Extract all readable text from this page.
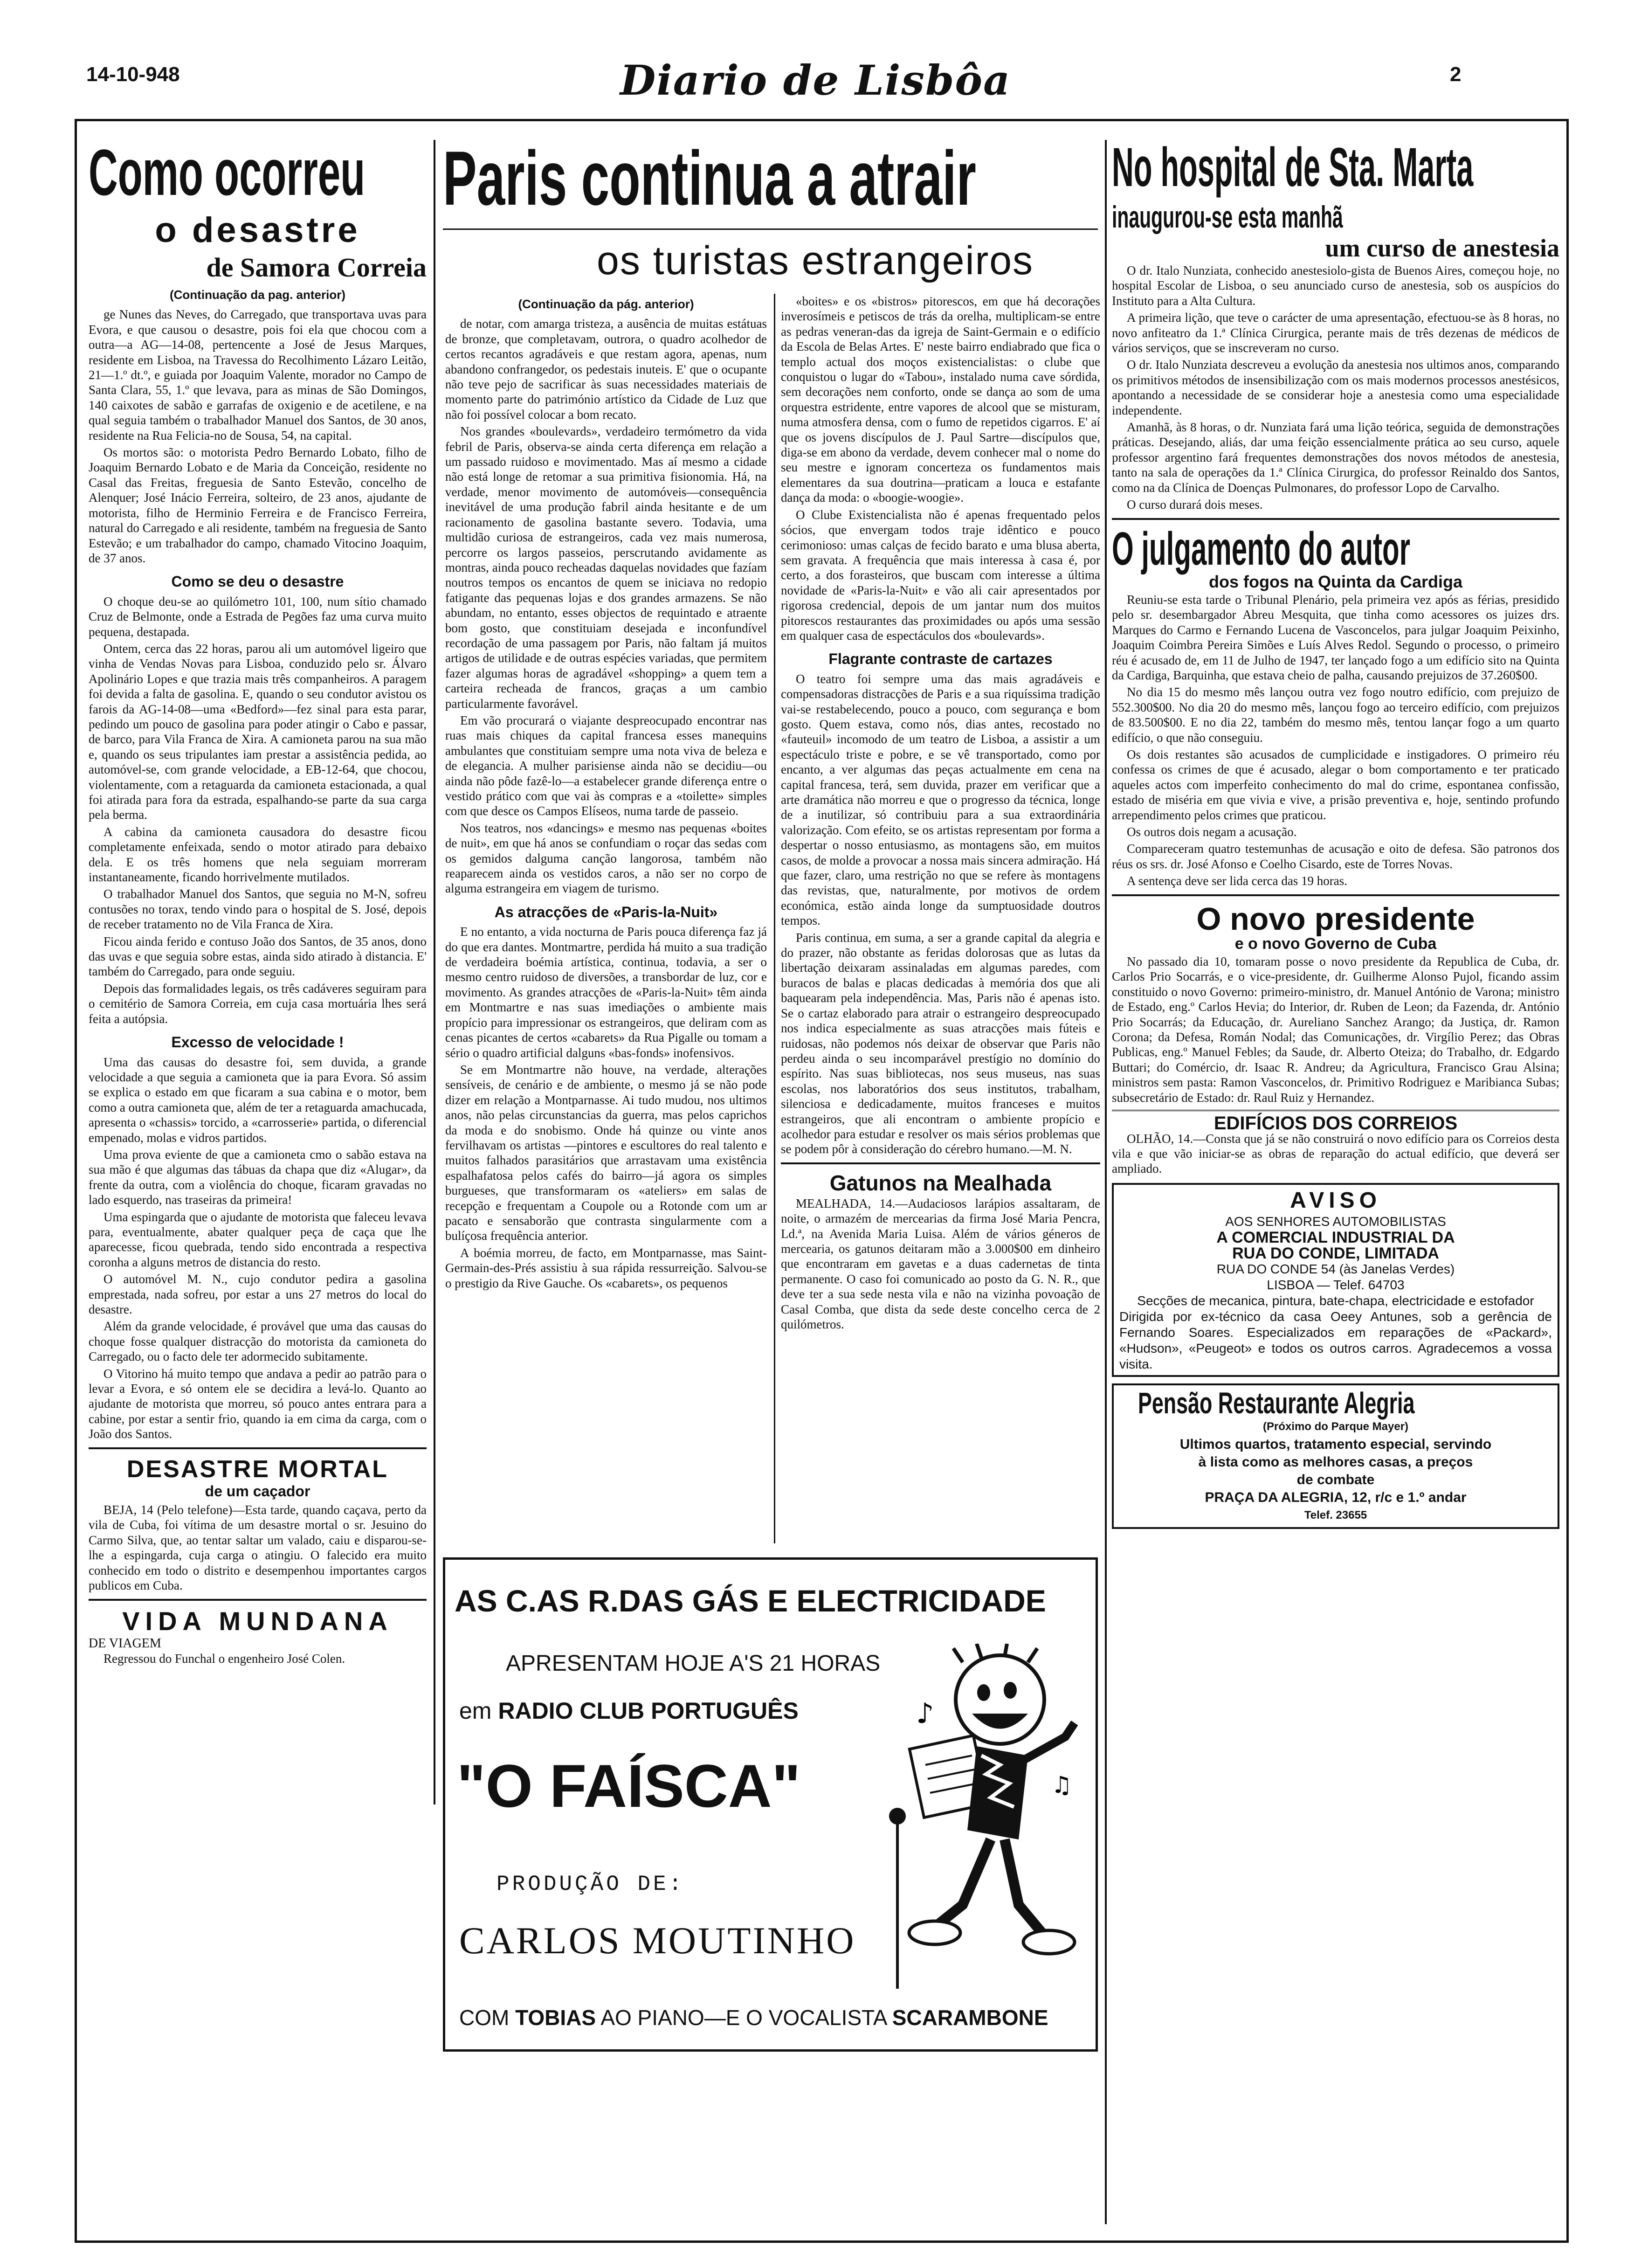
14-10-948	Diario de Lisbôa	2
Como ocorreu
o desastre
de Samora Correia
(Continuação da pag. anterior)

ge Nunes das Neves, do Carregado, que transportava uvas para Evora, e que causou o desastre, pois foi ela que chocou com a outra—a AG—14-08, pertencente a José de Jesus Marques, residente em Lisboa, na Travessa do Recolhimento Lázaro Leitão, 21—1.º dt.º, e guiada por Joaquim Valente, morador no Campo de Santa Clara, 55, 1.º que levava, para as minas de São Domingos, 140 caixotes de sabão e garrafas de oxigenio e de acetilene, e na qual seguia também o trabalhador Manuel dos Santos, de 30 anos, residente na Rua Felicia-no de Sousa, 54, na capital.

Os mortos são: o motorista Pedro Bernardo Lobato, filho de Joaquim Bernardo Lobato e de Maria da Conceição, residente no Casal das Freitas, freguesia de Santo Estevão, concelho de Alenquer; José Inácio Ferreira, solteiro, de 23 anos, ajudante de motorista, filho de Herminio Ferreira e de Francisco Ferreira, natural do Carregado e ali residente, também na freguesia de Santo Estevão; e um trabalhador do campo, chamado Vitocino Joaquim, de 37 anos.

Como se deu o desastre

O choque deu-se ao quilómetro 101, 100, num sítio chamado Cruz de Belmonte, onde a Estrada de Pegões faz uma curva muito pequena, destapada.

Ontem, cerca das 22 horas, parou ali um automóvel ligeiro que vinha de Vendas Novas para Lisboa, conduzido pelo sr. Álvaro Apolinário Lopes e que trazia mais três companheiros. A paragem foi devida a falta de gasolina. E, quando o seu condutor avistou os farois da AG-14-08—uma «Bedford»—fez sinal para esta parar, pedindo um pouco de gasolina para poder atingir o Cabo e passar, de barco, para Vila Franca de Xira. A camioneta parou na sua mão e, quando os seus tripulantes iam prestar a assistência pedida, ao automóvel-se, com grande velocidade, a EB-12-64, que chocou, violentamente, com a retaguarda da camioneta estacionada, a qual foi atirada para fora da estrada, espalhando-se parte da sua carga pela berma.

A cabina da camioneta causadora do desastre ficou completamente enfeixada, sendo o motor atirado para debaixo dela. E os três homens que nela seguiam morreram instantaneamente, ficando horrivelmente mutilados.

O trabalhador Manuel dos Santos, que seguia no M-N, sofreu contusões no torax, tendo vindo para o hospital de S. José, depois de receber tratamento no de Vila Franca de Xira.

Ficou ainda ferido e contuso João dos Santos, de 35 anos, dono das uvas e que seguia sobre estas, ainda sido atirado à distancia. E' também do Carregado, para onde seguiu.

Depois das formalidades legais, os três cadáveres seguiram para o cemitério de Samora Correia, em cuja casa mortuária lhes será feita a autópsia.

Excesso de velocidade !

Uma das causas do desastre foi, sem duvida, a grande velocidade a que seguia a camioneta que ia para Evora. Só assim se explica o estado em que ficaram a sua cabina e o motor, bem como a outra camioneta que, além de ter a retaguarda amachucada, apresenta o «chassis» torcido, a «carrosserie» partida, o diferencial empenado, molas e vidros partidos.

Uma prova eviente de que a camioneta cmo o sabão estava na sua mão é que algumas das tábuas da chapa que diz «Alugar», da frente da outra, com a violência do choque, ficaram gravadas no lado esquerdo, nas traseiras da primeira!

Uma espingarda que o ajudante de motorista que faleceu levava para, eventualmente, abater qualquer peça de caça que lhe aparecesse, ficou quebrada, tendo sido encontrada a respectiva coronha a alguns metros de distancia do resto.

O automóvel M. N., cujo condutor pedira a gasolina emprestada, nada sofreu, por estar a uns 27 metros do local do desastre.

Além da grande velocidade, é provável que uma das causas do choque fosse qualquer distracção do motorista da camioneta do Carregado, ou o facto dele ter adormecido subitamente.

O Vitorino há muito tempo que andava a pedir ao patrão para o levar a Evora, e só ontem ele se decidira a levá-lo. Quanto ao ajudante de motorista que morreu, só pouco antes entrara para a cabine, por estar a sentir frio, quando ia em cima da carga, com o João dos Santos.

DESASTRE MORTAL
de um caçador

BEJA, 14 (Pelo telefone)—Esta tarde, quando caçava, perto da vila de Cuba, foi vítima de um desastre mortal o sr. Jesuino do Carmo Silva, que, ao tentar saltar um valado, caiu e disparou-se-lhe a espingarda, cuja carga o atingiu. O falecido era muito conhecido em todo o distrito e desempenhou importantes cargos publicos em Cuba.

VIDA MUNDANA
DE VIAGEM

Regressou do Funchal o engenheiro José Colen.

Paris continua a atrair
os turistas estrangeiros
(Continuação da pág. anterior)

de notar, com amarga tristeza, a ausência de muitas estátuas de bronze, que completavam, outrora, o quadro acolhedor de certos recantos agradáveis e que restam agora, apenas, num abandono confrangedor, os pedestais inuteis. E' que o ocupante não teve pejo de sacrificar às suas necessidades materiais de momento parte do património artístico da Cidade de Luz que não foi possível colocar a bom recato.

Nos grandes «boulevards», verdadeiro termómetro da vida febril de Paris, observa-se ainda certa diferença em relação a um passado ruidoso e movimentado. Mas aí mesmo a cidade não está longe de retomar a sua primitiva fisionomia. Há, na verdade, menor movimento de automóveis—consequência inevitável de uma produção fabril ainda hesitante e de um racionamento de gasolina bastante severo. Todavia, uma multidão curiosa de estrangeiros, cada vez mais numerosa, percorre os largos passeios, perscrutando avidamente as montras, ainda pouco recheadas daquelas novidades que fazíam noutros tempos os encantos de quem se iniciava no redopio fatigante das pequenas lojas e dos grandes armazens. Se não abundam, no entanto, esses objectos de requintado e atraente bom gosto, que constituiam desejada e inconfundível recordação de uma passagem por Paris, não faltam já muitos artigos de utilidade e de outras espécies variadas, que permitem fazer algumas horas de agradável «shopping» a quem tem a carteira recheada de francos, graças a um cambio particularmente favorável.

Em vão procurará o viajante despreocupado encontrar nas ruas mais chiques da capital francesa esses manequins ambulantes que constituiam sempre uma nota viva de beleza e de elegancia. A mulher parisiense ainda não se decidiu—ou ainda não pôde fazê-lo—a estabelecer grande diferença entre o vestido prático com que vai às compras e a «toilette» simples com que desce os Campos Elíseos, numa tarde de passeio.

Nos teatros, nos «dancings» e mesmo nas pequenas «boites de nuit», em que há anos se confundiam o roçar das sedas com os gemidos dalguma canção langorosa, também não reaparecem ainda os vestidos caros, a não ser no corpo de alguma estrangeira em viagem de turismo.

As atracções de «Paris-la-Nuit»

E no entanto, a vida nocturna de Paris pouca diferença faz já do que era dantes. Montmartre, perdida há muito a sua tradição de verdadeira boémia artística, continua, todavia, a ser o mesmo centro ruidoso de diversões, a transbordar de luz, cor e movimento. As grandes atracções de «Paris-la-Nuit» têm ainda em Montmartre e nas suas imediações o ambiente mais propício para impressionar os estrangeiros, que deliram com as cenas picantes de certos «cabarets» da Rua Pigalle ou tomam a sério o quadro artificial dalguns «bas-fonds» inofensivos.

Se em Montmartre não houve, na verdade, alterações sensíveis, de cenário e de ambiente, o mesmo já se não pode dizer em relação a Montparnasse. Ai tudo mudou, nos ultimos anos, não pelas circunstancias da guerra, mas pelos caprichos da moda e do snobismo. Onde há quinze ou vinte anos fervilhavam os artistas —pintores e escultores do real talento e muitos falhados parasitários que arrastavam uma existência espalhafatosa pelos cafés do bairro—já agora os simples burgueses, que transformaram os «ateliers» em salas de recepção e frequentam a Coupole ou a Rotonde com um ar pacato e sensaborão que contrasta singularmente com a bulíçosa frequência anterior.

A boémia morreu, de facto, em Montparnasse, mas Saint-Germain-des-Prés assistiu à sua rápida ressurreição. Salvou-se o prestigio da Rive Gauche. Os «cabarets», os pequenos

«boites» e os «bistros» pitorescos, em que há decorações inverosímeis e petiscos de trás da orelha, multiplicam-se entre as pedras veneran-das da igreja de Saint-Germain e o edifício da Escola de Belas Artes. E' neste bairro endiabrado que fica o templo actual dos moços existencialistas: o clube que conquistou o lugar do «Tabou», instalado numa cave sórdida, sem decorações nem conforto, onde se dança ao som de uma orquestra estridente, entre vapores de alcool que se misturam, numa atmosfera densa, com o fumo de repetidos cigarros. E' aí que os jovens discípulos de J. Paul Sartre—discípulos que, diga-se em abono da verdade, devem conhecer mal o nome do seu mestre e ignoram concerteza os fundamentos mais elementares da sua doutrina—praticam a louca e estafante dança da moda: o «boogie-woogie».

O Clube Existencialista não é apenas frequentado pelos sócios, que envergam todos traje idêntico e pouco cerimonioso: umas calças de fecido barato e uma blusa aberta, sem gravata. A frequência que mais interessa à casa é, por certo, a dos forasteiros, que buscam com interesse a última novidade de «Paris-la-Nuit» e vão ali cair apresentados por rigorosa credencial, depois de um jantar num dos muitos pitorescos restaurantes das proximidades ou após uma sessão em qualquer casa de espectáculos dos «boulevards».

Flagrante contraste de cartazes

O teatro foi sempre uma das mais agradáveis e compensadoras distracções de Paris e a sua riquíssima tradição vai-se restabelecendo, pouco a pouco, com segurança e bom gosto. Quem estava, como nós, dias antes, recostado no «fauteuil» incomodo de um teatro de Lisboa, a assistir a um espectáculo triste e pobre, e se vê transportado, como por encanto, a ver algumas das peças actualmente em cena na capital francesa, terá, sem duvida, prazer em verificar que a arte dramática não morreu e que o progresso da técnica, longe de a inutilizar, só contribuiu para a sua extraordinária valorização. Com efeito, se os artistas representam por forma a despertar o nosso entusiasmo, as montagens são, em muitos casos, de molde a provocar a nossa mais sincera admiração. Há que fazer, claro, uma restrição no que se refere às montagens das revistas, que, naturalmente, por motivos de ordem económica, estão ainda longe da sumptuosidade doutros tempos.

Paris continua, em suma, a ser a grande capital da alegria e do prazer, não obstante as feridas dolorosas que as lutas da libertação deixaram assinaladas em algumas paredes, com buracos de balas e placas dedicadas à memória dos que ali baquearam pela independência. Mas, Paris não é apenas isto. Se o cartaz elaborado para atrair o estrangeiro despreocupado nos indica especialmente as suas atracções mais fúteis e ruidosas, não podemos nós deixar de observar que Paris não perdeu ainda o seu incomparável prestígio no domínio do espírito. Nas suas bibliotecas, nos seus museus, nas suas escolas, nos laboratórios dos seus institutos, trabalham, silenciosa e dedicadamente, muitos franceses e muitos estrangeiros, que ali encontram o ambiente propício e acolhedor para estudar e resolver os mais sérios problemas que se podem pôr à consideração do cérebro humano.—M. N.

Gatunos na Mealhada

MEALHADA, 14.—Audaciosos larápios assaltaram, de noite, o armazém de mercearias da firma José Maria Pencra, Ld.ª, na Avenida Maria Luisa. Além de vários géneros de mercearia, os gatunos deitaram mão a 3.000$00 em dinheiro que encontraram em gavetas e a duas cadernetas de tinta permanente. O caso foi comunicado ao posto da G. N. R., que deve ter a sua sede nesta vila e não na vizinha povoação de Casal Comba, que dista da sede deste concelho cerca de 2 quilómetros.

AS C.AS R.DAS GÁS E ELECTRICIDADE
APRESENTAM HOJE A'S 21 HORAS
em RADIO CLUB PORTUGUÊS
"O FAÍSCA"
PRODUÇÃO DE:
CARLOS MOUTINHO
COM TOBIAS AO PIANO—E O VOCALISTA SCARAMBONE
♪
♫
No hospital de Sta. Marta
inaugurou-se esta manhã
um curso de anestesia

O dr. Italo Nunziata, conhecido anestesiolo-gista de Buenos Aires, começou hoje, no hospital Escolar de Lisboa, o seu anunciado curso de anestesia, sob os auspícios do Instituto para a Alta Cultura.

A primeira lição, que teve o carácter de uma apresentação, efectuou-se às 8 horas, no novo anfiteatro da 1.ª Clínica Cirurgica, perante mais de três dezenas de médicos de vários serviços, que se inscreveram no curso.

O dr. Italo Nunziata descreveu a evolução da anestesia nos ultimos anos, comparando os primitivos métodos de insensibilização com os mais modernos processos anestésicos, apontando a necessidade de se considerar hoje a anestesia como uma especialidade independente.

Amanhã, às 8 horas, o dr. Nunziata fará uma lição teórica, seguida de demonstrações práticas. Desejando, aliás, dar uma feição essencialmente prática ao seu curso, aquele professor argentino fará frequentes demonstrações dos novos métodos de anestesia, tanto na sala de operações da 1.ª Clínica Cirurgica, do professor Reinaldo dos Santos, como na da Clínica de Doenças Pulmonares, do professor Lopo de Carvalho.

O curso durará dois meses.

O julgamento do autor
dos fogos na Quinta da Cardiga

Reuniu-se esta tarde o Tribunal Plenário, pela primeira vez após as férias, presidido pelo sr. desembargador Abreu Mesquita, que tinha como acessores os juizes drs. Marques do Carmo e Fernando Lucena de Vasconcelos, para julgar Joaquim Peixinho, Joaquim Coimbra Pereira Simões e Luís Alves Redol. Segundo o processo, o primeiro réu é acusado de, em 11 de Julho de 1947, ter lançado fogo a um edifício sito na Quinta da Cardiga, Barquinha, que estava cheio de palha, causando prejuizos de 37.260$00.

No dia 15 do mesmo mês lançou outra vez fogo noutro edifício, com prejuizo de 552.300$00. No dia 20 do mesmo mês, lançou fogo ao terceiro edifício, com prejuizos de 83.500$00. E no dia 22, também do mesmo mês, tentou lançar fogo a um quarto edifício, o que não conseguiu.

Os dois restantes são acusados de cumplicidade e instigadores. O primeiro réu confessa os crimes de que é acusado, alegar o bom comportamento e ter praticado aqueles actos com imperfeito conhecimento do mal do crime, espontanea confissão, estado de miséria em que vivia e vive, a prisão preventiva e, hoje, sentindo profundo arrependimento pelos crimes que praticou.

Os outros dois negam a acusação.

Compareceram quatro testemunhas de acusação e oito de defesa. São patronos dos réus os srs. dr. José Afonso e Coelho Cisardo, este de Torres Novas.

A sentença deve ser lida cerca das 19 horas.

O novo presidente
e o novo Governo de Cuba

No passado dia 10, tomaram posse o novo presidente da Republica de Cuba, dr. Carlos Prio Socarrás, e o vice-presidente, dr. Guilherme Alonso Pujol, ficando assim constituido o novo Governo: primeiro-ministro, dr. Manuel António de Varona; ministro de Estado, eng.º Carlos Hevia; do Interior, dr. Ruben de Leon; da Fazenda, dr. António Prio Socarrás; da Educação, dr. Aureliano Sanchez Arango; da Justiça, dr. Ramon Corona; da Defesa, Román Nodal; das Comunicações, dr. Virgílio Perez; das Obras Publicas, eng.º Manuel Febles; da Saude, dr. Alberto Oteiza; do Trabalho, dr. Edgardo Buttari; do Comércio, dr. Isaac R. Andreu; da Agricultura, Francisco Grau Alsina; ministros sem pasta: Ramon Vasconcelos, dr. Primitivo Rodriguez e Maribianca Subas; subsecretário de Estado: dr. Raul Ruiz y Hernandez.

EDIFÍCIOS DOS CORREIOS

OLHÃO, 14.—Consta que já se não construirá o novo edifício para os Correios desta vila e que vão iniciar-se as obras de reparação do actual edifício, que deverá ser ampliado.

AVISO
AOS SENHORES AUTOMOBILISTAS
A COMERCIAL INDUSTRIAL DA
RUA DO CONDE, LIMITADA
RUA DO CONDE 54 (às Janelas Verdes)
LISBOA — Telef. 64703
Secções de mecanica, pintura, bate-chapa, electricidade e estofador
Dirigida por ex-técnico da casa Oeey Antunes, sob a gerência de Fernando Soares. Especializados em reparações de «Packard», «Hudson», «Peugeot» e todos os outros carros. Agradecemos a vossa visita.
Pensão Restaurante Alegria
(Próximo do Parque Mayer)
Ultimos quartos, tratamento especial, servindo
à lista como as melhores casas, a preços
de combate
PRAÇA DA ALEGRIA, 12, r/c e 1.º andar
Telef. 23655
